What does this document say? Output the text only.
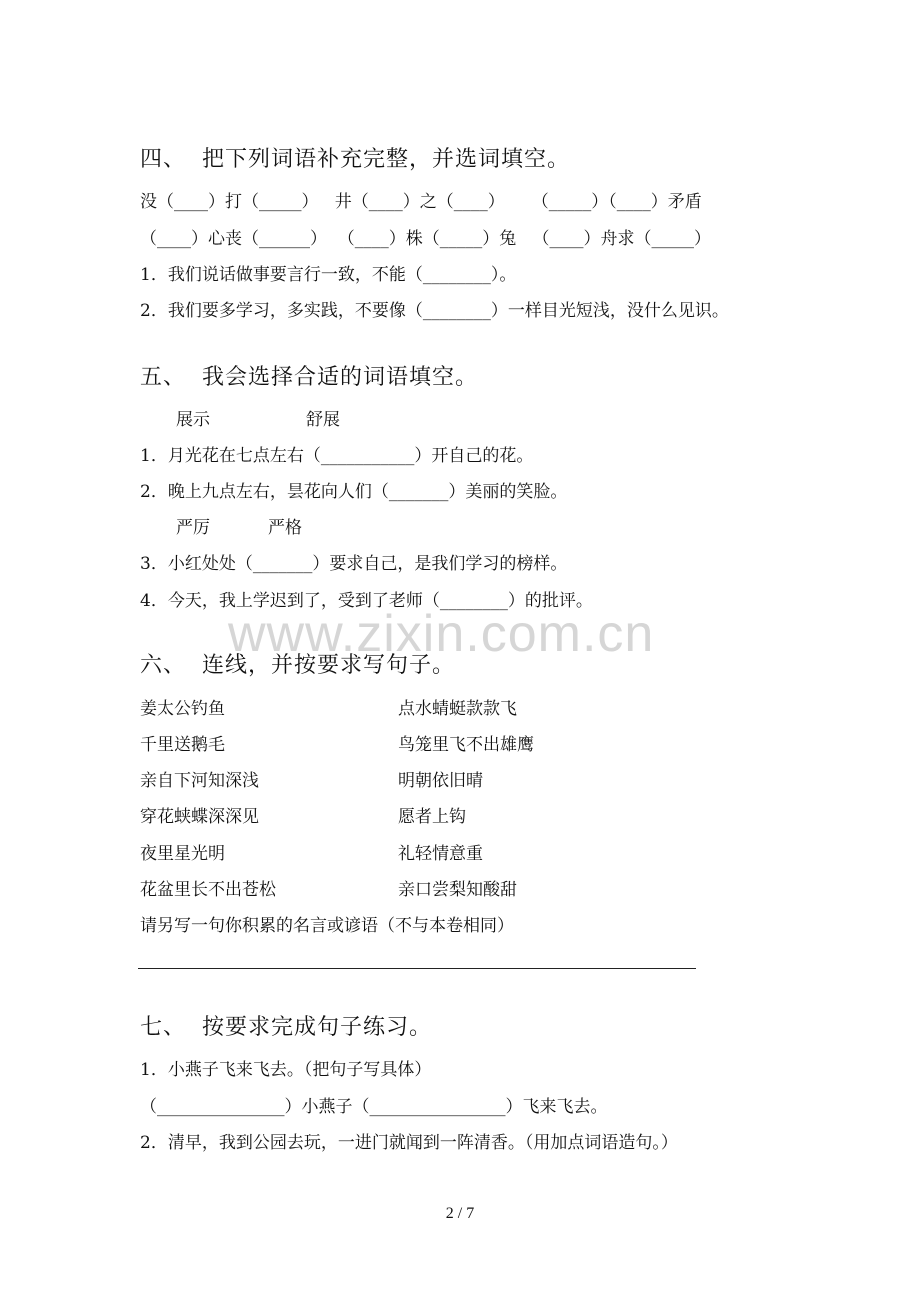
四、  把下列词语补充完整，并选词填空。
没（____）打（_____）   井（____）之（____）     （_____）（____）矛盾
（____）心丧（______）  （____）株（_____）兔   （____）舟求（_____）
1．我们说话做事要言行一致，不能（________）。
2．我们要多学习，多实践，不要像（________）一样目光短浅，没什么见识。
五、  我会选择合适的词语填空。
展示	舒展
1．月光花在七点左右（___________）开自己的花。
2．晚上九点左右，昙花向人们（_______）美丽的笑脸。
严厉	严格
3．小红处处（_______）要求自己，是我们学习的榜样。
4．今天，我上学迟到了，受到了老师（________）的批评。
www.zixin.com.cn
六、  连线，并按要求写句子。
姜太公钓鱼	点水蜻蜓款款飞
千里送鹅毛	鸟笼里飞不出雄鹰
亲自下河知深浅	明朝依旧晴
穿花蛱蝶深深见	愿者上钩
夜里星光明	礼轻情意重
花盆里长不出苍松	亲口尝梨知酸甜
请另写一句你积累的名言或谚语（不与本卷相同）
七、  按要求完成句子练习。
1．小燕子飞来飞去。（把句子写具体）
（_______________）小燕子（________________）飞来飞去。
2．清早，我到公园去玩，一进门就闻到一阵清香。（用加点词语造句。）
2 / 7
